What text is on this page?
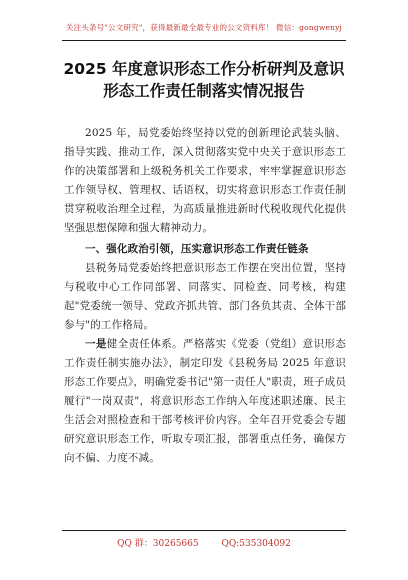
关注头条号"公文研究"，获得最新最全最专业的公文资料库！ 微信：gongwenyj
2025 年度意识形态工作分析研判及意识
形态工作责任制落实情况报告

2025 年，局党委始终坚持以党的创新理论武装头脑、指导实践、推动工作，深入贯彻落实党中央关于意识形态工作的决策部署和上级税务机关工作要求，牢牢掌握意识形态工作领导权、管理权、话语权，切实将意识形态工作责任制贯穿税收治理全过程，为高质量推进新时代税收现代化提供坚强思想保障和强大精神动力。

一、强化政治引领，压实意识形态工作责任链条

县税务局党委始终把意识形态工作摆在突出位置，坚持与税收中心工作同部署、同落实、同检查、同考核，构建起"党委统一领导、党政齐抓共管、部门各负其责、全体干部参与"的工作格局。

一是健全责任体系。严格落实《党委（党组）意识形态工作责任制实施办法》，制定印发《县税务局 2025 年意识形态工作要点》，明确党委书记"第一责任人"职责，班子成员履行"一岗双责"，将意识形态工作纳入年度述职述廉、民主生活会对照检查和干部考核评价内容。全年召开党委会专题研究意识形态工作，听取专项汇报，部署重点任务，确保方向不偏、力度不减。

QQ 群：30265665	QQ:535304092
